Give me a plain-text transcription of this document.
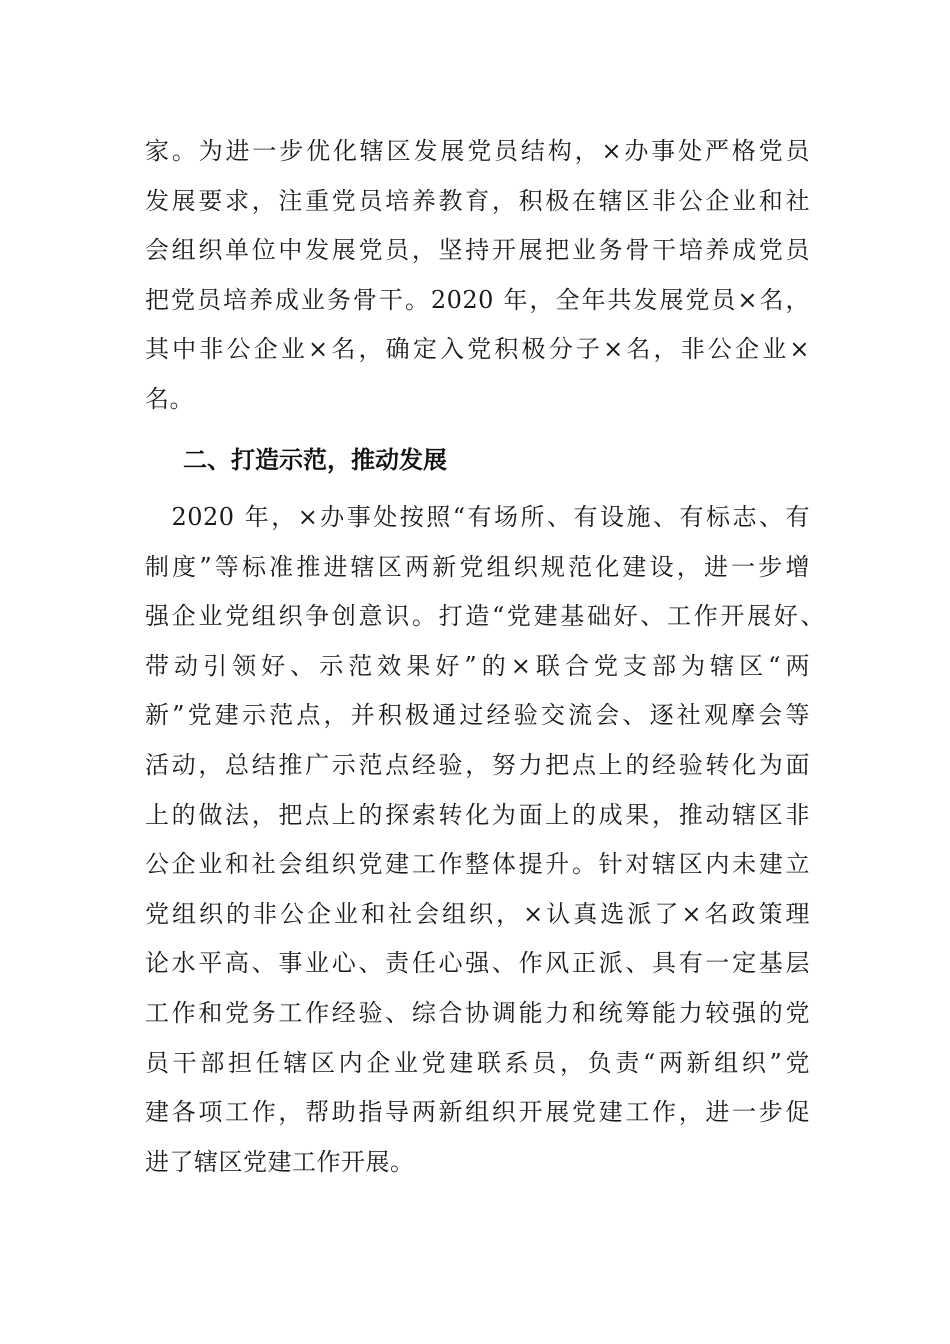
家。为进一步优化辖区发展党员结构，×办事处严格党员
发展要求，注重党员培养教育，积极在辖区非公企业和社
会组织单位中发展党员，坚持开展把业务骨干培养成党员
把党员培养成业务骨干。2020 年，全年共发展党员×名，
其中非公企业×名，确定入党积极分子×名，非公企业×
名。
二、打造示范，推动发展
　2020 年，×办事处按照“有场所、有设施、有标志、有
制度”等标准推进辖区两新党组织规范化建设，进一步增
强企业党组织争创意识。打造“党建基础好、工作开展好、
带动引领好、示范效果好”的×联合党支部为辖区“两
新”党建示范点，并积极通过经验交流会、逐社观摩会等
活动，总结推广示范点经验，努力把点上的经验转化为面
上的做法，把点上的探索转化为面上的成果，推动辖区非
公企业和社会组织党建工作整体提升。针对辖区内未建立
党组织的非公企业和社会组织，×认真选派了×名政策理
论水平高、事业心、责任心强、作风正派、具有一定基层
工作和党务工作经验、综合协调能力和统筹能力较强的党
员干部担任辖区内企业党建联系员，负责“两新组织”党
建各项工作，帮助指导两新组织开展党建工作，进一步促
进了辖区党建工作开展。
